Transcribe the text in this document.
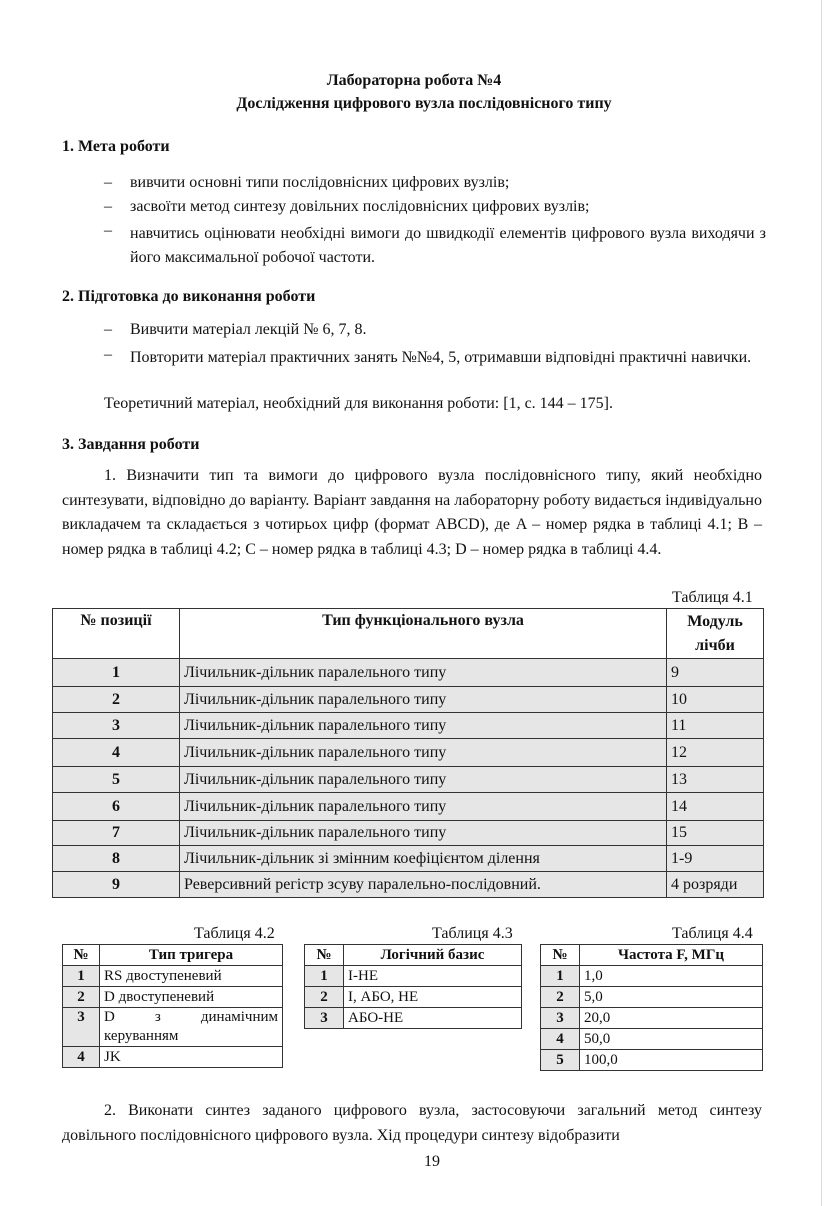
Лабораторна робота №4
Дослідження цифрового вузла послідовнісного типу
1. Мета роботи
– вивчити основні типи послідовнісних цифрових вузлів;
– засвоїти метод синтезу довільних послідовнісних цифрових вузлів;
– навчитись оцінювати необхідні вимоги до швидкодії елементів цифрового вузла виходячи з його максимальної робочої частоти.
2. Підготовка до виконання роботи
– Вивчити матеріал лекцій № 6, 7, 8.
– Повторити матеріал практичних занять №№4, 5, отримавши відповідні практичні навички.
Теоретичний матеріал, необхідний для виконання роботи: [1, с. 144 – 175].
3. Завдання роботи
1. Визначити тип та вимоги до цифрового вузла послідовнісного типу, який необхідно синтезувати, відповідно до варіанту. Варіант завдання на лабораторну роботу видається індивідуально викладачем та складається з чотирьох цифр (формат ABCD), де A – номер рядка в таблиці 4.1; B – номер рядка в таблиці 4.2; C – номер рядка в таблиці 4.3; D – номер рядка в таблиці 4.4.
Таблиця 4.1
№ позиції	Тип функціонального вузла	Модуль лічби
1	Лічильник-дільник паралельного типу	9
2	Лічильник-дільник паралельного типу	10
3	Лічильник-дільник паралельного типу	11
4	Лічильник-дільник паралельного типу	12
5	Лічильник-дільник паралельного типу	13
6	Лічильник-дільник паралельного типу	14
7	Лічильник-дільник паралельного типу	15
8	Лічильник-дільник зі змінним коефіцієнтом ділення	1-9
9	Реверсивний регістр зсуву паралельно-послідовний.	4 розряди
Таблиця 4.2
№	Тип тригера
1	RS двоступеневий
2	D двоступеневий
3	D з динамічним керуванням
4	JK
Таблиця 4.3
№	Логічний базис
1	І-НЕ
2	І, АБО, НЕ
3	АБО-НЕ
Таблиця 4.4
№	Частота F, МГц
1	1,0
2	5,0
3	20,0
4	50,0
5	100,0
2. Виконати синтез заданого цифрового вузла, застосовуючи загальний метод синтезу довільного послідовнісного цифрового вузла. Хід процедури синтезу відобразити
19
